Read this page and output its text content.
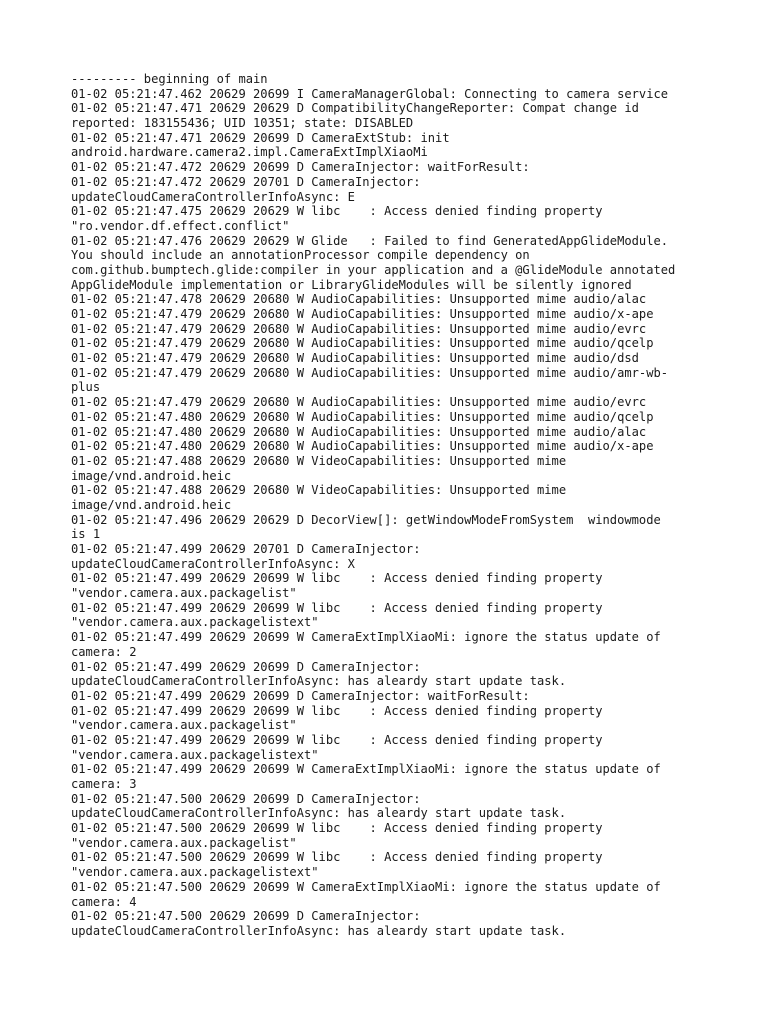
--------- beginning of main
01-02 05:21:47.462 20629 20699 I CameraManagerGlobal: Connecting to camera service
01-02 05:21:47.471 20629 20629 D CompatibilityChangeReporter: Compat change id
reported: 183155436; UID 10351; state: DISABLED
01-02 05:21:47.471 20629 20699 D CameraExtStub: init
android.hardware.camera2.impl.CameraExtImplXiaoMi
01-02 05:21:47.472 20629 20699 D CameraInjector: waitForResult:
01-02 05:21:47.472 20629 20701 D CameraInjector:
updateCloudCameraControllerInfoAsync: E
01-02 05:21:47.475 20629 20629 W libc    : Access denied finding property
"ro.vendor.df.effect.conflict"
01-02 05:21:47.476 20629 20629 W Glide   : Failed to find GeneratedAppGlideModule.
You should include an annotationProcessor compile dependency on
com.github.bumptech.glide:compiler in your application and a @GlideModule annotated
AppGlideModule implementation or LibraryGlideModules will be silently ignored
01-02 05:21:47.478 20629 20680 W AudioCapabilities: Unsupported mime audio/alac
01-02 05:21:47.479 20629 20680 W AudioCapabilities: Unsupported mime audio/x-ape
01-02 05:21:47.479 20629 20680 W AudioCapabilities: Unsupported mime audio/evrc
01-02 05:21:47.479 20629 20680 W AudioCapabilities: Unsupported mime audio/qcelp
01-02 05:21:47.479 20629 20680 W AudioCapabilities: Unsupported mime audio/dsd
01-02 05:21:47.479 20629 20680 W AudioCapabilities: Unsupported mime audio/amr-wb-
plus
01-02 05:21:47.479 20629 20680 W AudioCapabilities: Unsupported mime audio/evrc
01-02 05:21:47.480 20629 20680 W AudioCapabilities: Unsupported mime audio/qcelp
01-02 05:21:47.480 20629 20680 W AudioCapabilities: Unsupported mime audio/alac
01-02 05:21:47.480 20629 20680 W AudioCapabilities: Unsupported mime audio/x-ape
01-02 05:21:47.488 20629 20680 W VideoCapabilities: Unsupported mime
image/vnd.android.heic
01-02 05:21:47.488 20629 20680 W VideoCapabilities: Unsupported mime
image/vnd.android.heic
01-02 05:21:47.496 20629 20629 D DecorView[]: getWindowModeFromSystem  windowmode
is 1
01-02 05:21:47.499 20629 20701 D CameraInjector:
updateCloudCameraControllerInfoAsync: X
01-02 05:21:47.499 20629 20699 W libc    : Access denied finding property
"vendor.camera.aux.packagelist"
01-02 05:21:47.499 20629 20699 W libc    : Access denied finding property
"vendor.camera.aux.packagelistext"
01-02 05:21:47.499 20629 20699 W CameraExtImplXiaoMi: ignore the status update of
camera: 2
01-02 05:21:47.499 20629 20699 D CameraInjector:
updateCloudCameraControllerInfoAsync: has aleardy start update task.
01-02 05:21:47.499 20629 20699 D CameraInjector: waitForResult:
01-02 05:21:47.499 20629 20699 W libc    : Access denied finding property
"vendor.camera.aux.packagelist"
01-02 05:21:47.499 20629 20699 W libc    : Access denied finding property
"vendor.camera.aux.packagelistext"
01-02 05:21:47.499 20629 20699 W CameraExtImplXiaoMi: ignore the status update of
camera: 3
01-02 05:21:47.500 20629 20699 D CameraInjector:
updateCloudCameraControllerInfoAsync: has aleardy start update task.
01-02 05:21:47.500 20629 20699 W libc    : Access denied finding property
"vendor.camera.aux.packagelist"
01-02 05:21:47.500 20629 20699 W libc    : Access denied finding property
"vendor.camera.aux.packagelistext"
01-02 05:21:47.500 20629 20699 W CameraExtImplXiaoMi: ignore the status update of
camera: 4
01-02 05:21:47.500 20629 20699 D CameraInjector:
updateCloudCameraControllerInfoAsync: has aleardy start update task.
